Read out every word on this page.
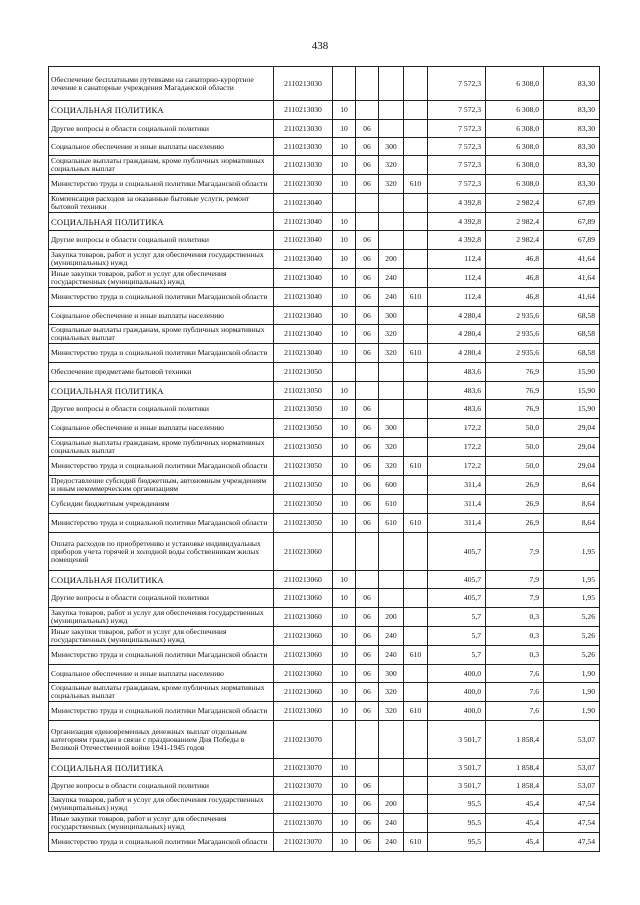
438
Обеспечение бесплатными путевками на санаторно-курортное лечение в санаторные учреждения Магаданской области	2110213030					7 572,3	6 308,0	83,30
СОЦИАЛЬНАЯ ПОЛИТИКА	2110213030	10				7 572,3	6 308,0	83,30
Другие вопросы в области социальной политики	2110213030	10	06			7 572,3	6 308,0	83,30
Социальное обеспечение и иные выплаты населению	2110213030	10	06	300		7 572,3	6 308,0	83,30
Социальные выплаты гражданам, кроме публичных нормативных социальных выплат	2110213030	10	06	320		7 572,3	6 308,0	83,30
Министерство труда и социальной политики Магаданской области	2110213030	10	06	320	610	7 572,3	6 308,0	83,30
Компенсация расходов за оказанные бытовые услуги, ремонт бытовой техники	2110213040					4 392,8	2 982,4	67,89
СОЦИАЛЬНАЯ ПОЛИТИКА	2110213040	10				4 392,8	2 982,4	67,89
Другие вопросы в области социальной политики	2110213040	10	06			4 392,8	2 982,4	67,89
Закупка товаров, работ и услуг для обеспечения государственных (муниципальных) нужд	2110213040	10	06	200		112,4	46,8	41,64
Иные закупки товаров, работ и услуг для обеспечения государственных (муниципальных) нужд	2110213040	10	06	240		112,4	46,8	41,64
Министерство труда и социальной политики Магаданской области	2110213040	10	06	240	610	112,4	46,8	41,64
Социальное обеспечение и иные выплаты населению	2110213040	10	06	300		4 280,4	2 935,6	68,58
Социальные выплаты гражданам, кроме публичных нормативных социальных выплат	2110213040	10	06	320		4 280,4	2 935,6	68,58
Министерство труда и социальной политики Магаданской области	2110213040	10	06	320	610	4 280,4	2 935,6	68,58
Обеспечение предметами бытовой техники	2110213050					483,6	76,9	15,90
СОЦИАЛЬНАЯ ПОЛИТИКА	2110213050	10				483,6	76,9	15,90
Другие вопросы в области социальной политики	2110213050	10	06			483,6	76,9	15,90
Социальное обеспечение и иные выплаты населению	2110213050	10	06	300		172,2	50,0	29,04
Социальные выплаты гражданам, кроме публичных нормативных социальных выплат	2110213050	10	06	320		172,2	50,0	29,04
Министерство труда и социальной политики Магаданской области	2110213050	10	06	320	610	172,2	50,0	29,04
Предоставление субсидий бюджетным, автономным учреждениям и иным некоммерческим организациям	2110213050	10	06	600		311,4	26,9	8,64
Субсидии бюджетным учреждениям	2110213050	10	06	610		311,4	26,9	8,64
Министерство труда и социальной политики Магаданской области	2110213050	10	06	610	610	311,4	26,9	8,64
Оплата расходов по приобретению и установке индивидуальных приборов учета горячей и холодной воды собственникам жилых помещений	2110213060					405,7	7,9	1,95
СОЦИАЛЬНАЯ ПОЛИТИКА	2110213060	10				405,7	7,9	1,95
Другие вопросы в области социальной политики	2110213060	10	06			405,7	7,9	1,95
Закупка товаров, работ и услуг для обеспечения государственных (муниципальных) нужд	2110213060	10	06	200		5,7	0,3	5,26
Иные закупки товаров, работ и услуг для обеспечения государственных (муниципальных) нужд	2110213060	10	06	240		5,7	0,3	5,26
Министерство труда и социальной политики Магаданской области	2110213060	10	06	240	610	5,7	0,3	5,26
Социальное обеспечение и иные выплаты населению	2110213060	10	06	300		400,0	7,6	1,90
Социальные выплаты гражданам, кроме публичных нормативных социальных выплат	2110213060	10	06	320		400,0	7,6	1,90
Министерство труда и социальной политики Магаданской области	2110213060	10	06	320	610	400,0	7,6	1,90
Организация единовременных денежных выплат отдельным категориям граждан в связи с празднованием Дня Победы в Великой Отечественной войне 1941-1945 годов	2110213070					3 501,7	1 858,4	53,07
СОЦИАЛЬНАЯ ПОЛИТИКА	2110213070	10				3 501,7	1 858,4	53,07
Другие вопросы в области социальной политики	2110213070	10	06			3 501,7	1 858,4	53,07
Закупка товаров, работ и услуг для обеспечения государственных (муниципальных) нужд	2110213070	10	06	200		95,5	45,4	47,54
Иные закупки товаров, работ и услуг для обеспечения государственных (муниципальных) нужд	2110213070	10	06	240		95,5	45,4	47,54
Министерство труда и социальной политики Магаданской области	2110213070	10	06	240	610	95,5	45,4	47,54
